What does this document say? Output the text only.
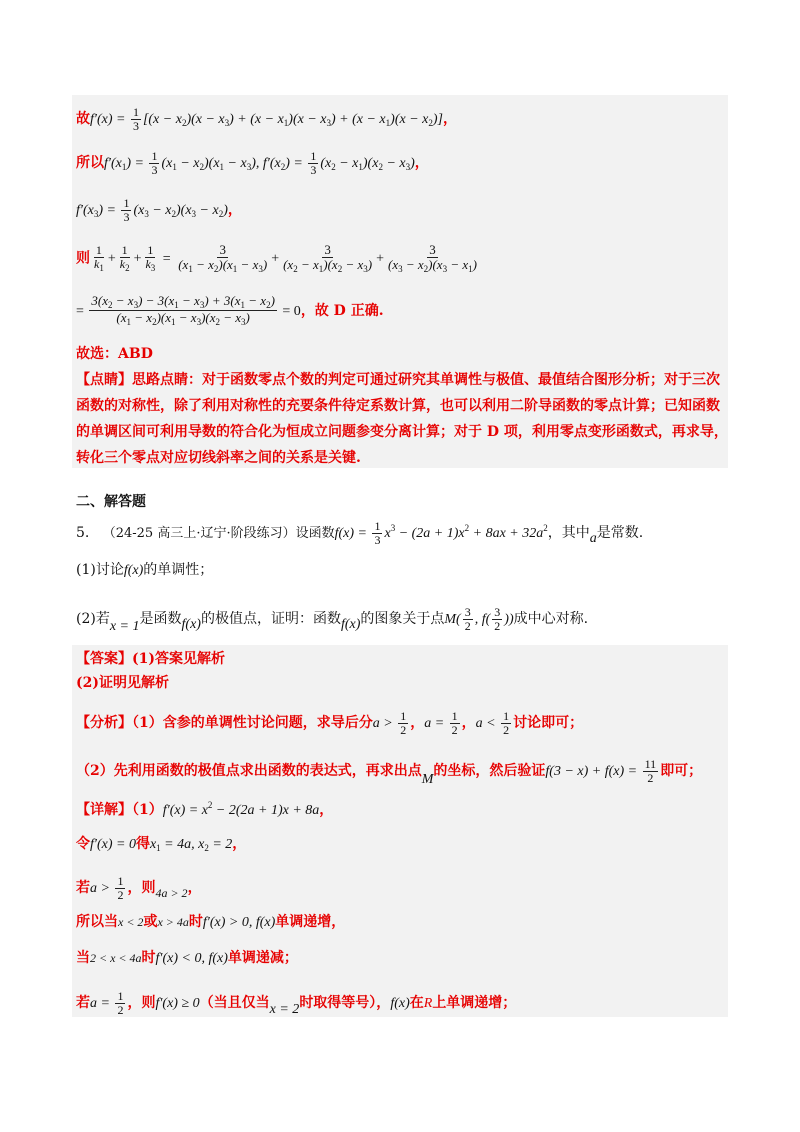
故$f'(x) = \frac{1}{3} [(x - x_2)(x - x_3) + (x - x_1)(x - x_3) + (x - x_1)(x - x_2)]$，
所以$f'(x_1) = \frac{1}{3} (x_1 - x_2)(x_1 - x_3)$, $f'(x_2) = \frac{1}{3} (x_2 - x_1)(x_2 - x_3)$，
$f'(x_3) = \frac{1}{3} (x_3 - x_2)(x_3 - x_2)$，
则 $\frac{1}{k_1} + \frac{1}{k_2} + \frac{1}{k_3} = \frac{3}{(x_1 - x_2)(x_1 - x_3)} + \frac{3}{(x_2 - x_1)(x_2 - x_3)} + \frac{3}{(x_3 - x_2)(x_3 - x_1)}$
= $\frac{3(x_2 - x_3) - 3(x_1 - x_3) + 3(x_1 - x_2)}{(x_1 - x_2)(x_1 - x_3)(x_2 - x_3)} = 0$，故 D 正确.
故选：ABD
【点睛】思路点睛：对于函数零点个数的判定可通过研究其单调性与极值、最值结合图形分析；对于三次
函数的对称性，除了利用对称性的充要条件待定系数计算，也可以利用二阶导函数的零点计算；已知函数
的单调区间可利用导数的符合化为恒成立问题参变分离计算；对于 D 项，利用零点变形函数式，再求导，
转化三个零点对应切线斜率之间的关系是关键.
二、解答题
5. （24-25 高三上·辽宁·阶段练习）设函数$f(x) = \frac{1}{3} x^3 - (2a + 1)x^2 + 8ax + 32a^2$，其中a是常数.
(1)讨论f(x)的单调性；
(2)若x = 1是函数f(x)的极值点，证明：函数f(x)的图象关于点$M( \frac{3}{2}$ , $f( \frac{3}{2}$ ))成中心对称.
【答案】(1)答案见解析
(2)证明见解析
【分析】（1）含参的单调性讨论问题，求导后分$a > \frac{1}{2}$ ，$a = \frac{1}{2}$ ，$a < \frac{1}{2}$ 讨论即可；
（2）先利用函数的极值点求出函数的表达式，再求出点M的坐标，然后验证$f(3 - x) + f(x) = \frac{11}{2}$ 即可；
【详解】$(1)f'(x) = x^2 - 2(2a + 1)x + 8a$，
令f′(x) = 0得$x_1 = 4a$, $x_2 = 2$，
若$a > \frac{1}{2}$ ，则4a > 2，
所以当x < 2或x > 4a时f′(x) > 0, f(x)单调递增，
当2 < x < 4a时f′(x) < 0, f(x)单调递减；
若$a = \frac{1}{2}$ ，则f′(x) ≥ 0（当且仅当x = 2时取得等号），f(x)在R上单调递增；
